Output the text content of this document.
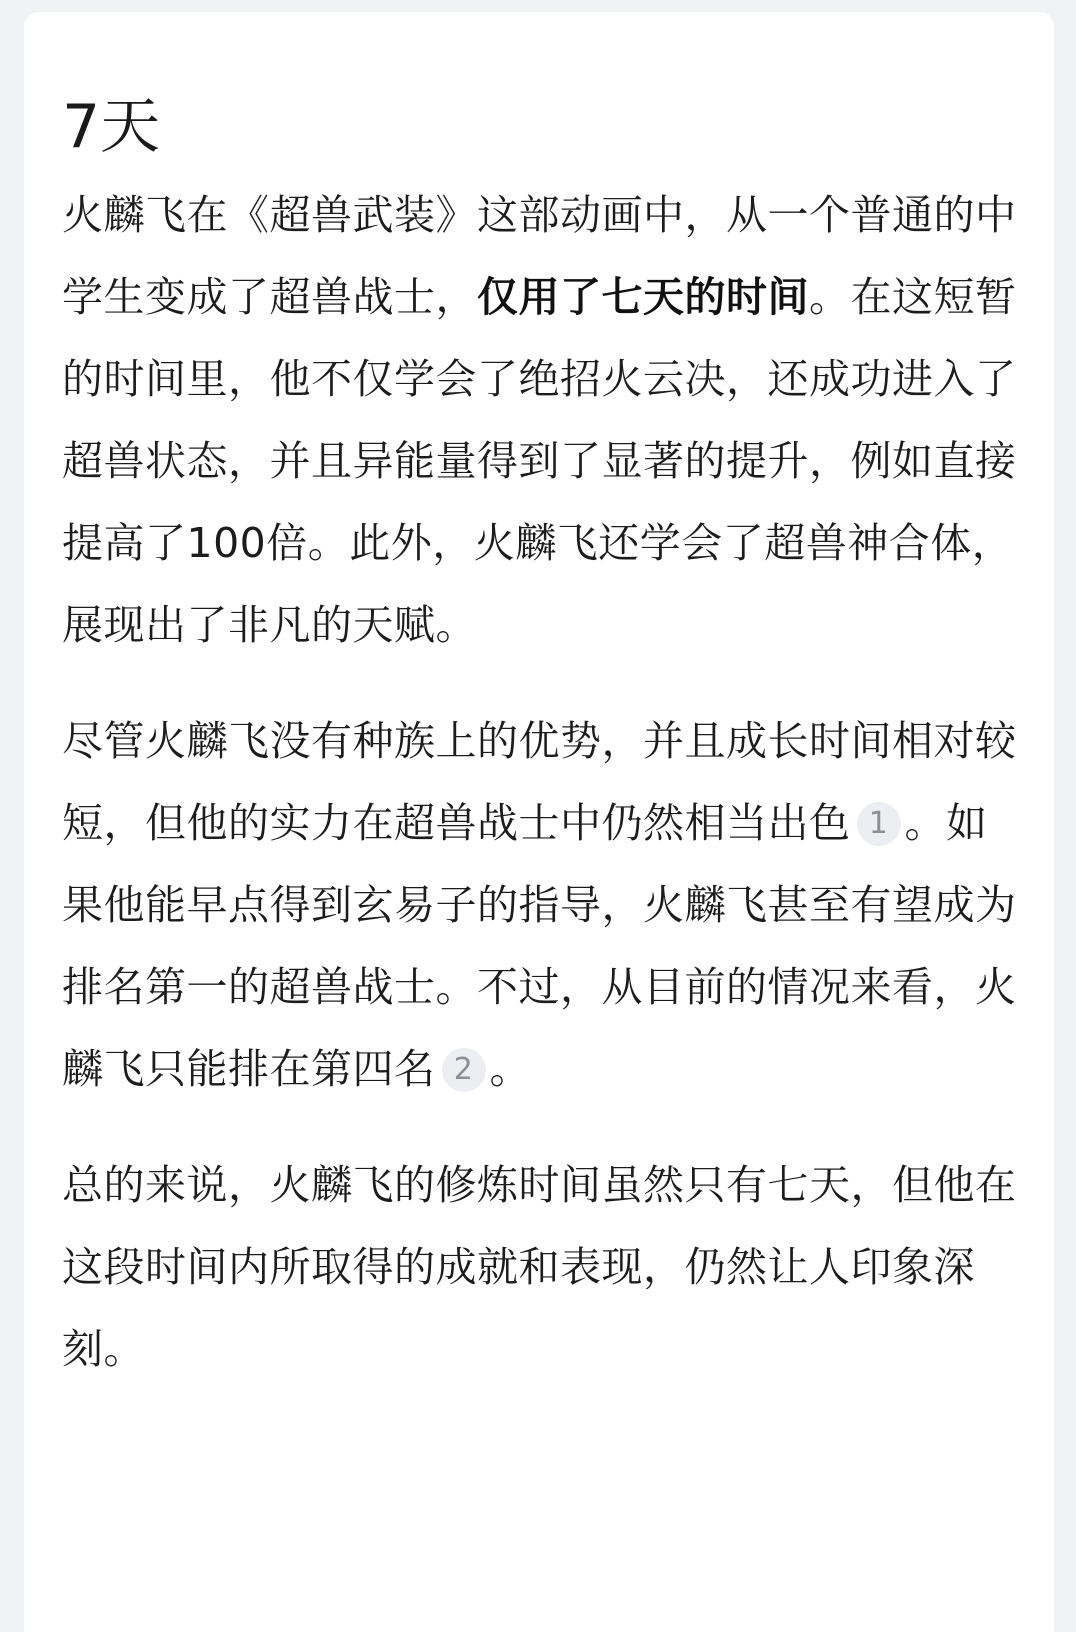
7天

火麟飞在《超兽武装》这部动画中，从一个普通的中学生变成了超兽战士，仅用了七天的时间。在这短暂的时间里，他不仅学会了绝招火云决，还成功进入了超兽状态，并且异能量得到了显著的提升，例如直接提高了100倍。此外，火麟飞还学会了超兽神合体，展现出了非凡的天赋。

尽管火麟飞没有种族上的优势，并且成长时间相对较短，但他的实力在超兽战士中仍然相当出色 1 。如果他能早点得到玄易子的指导，火麟飞甚至有望成为排名第一的超兽战士。不过，从目前的情况来看，火麟飞只能排在第四名 2 。

总的来说，火麟飞的修炼时间虽然只有七天，但他在这段时间内所取得的成就和表现，仍然让人印象深刻。
